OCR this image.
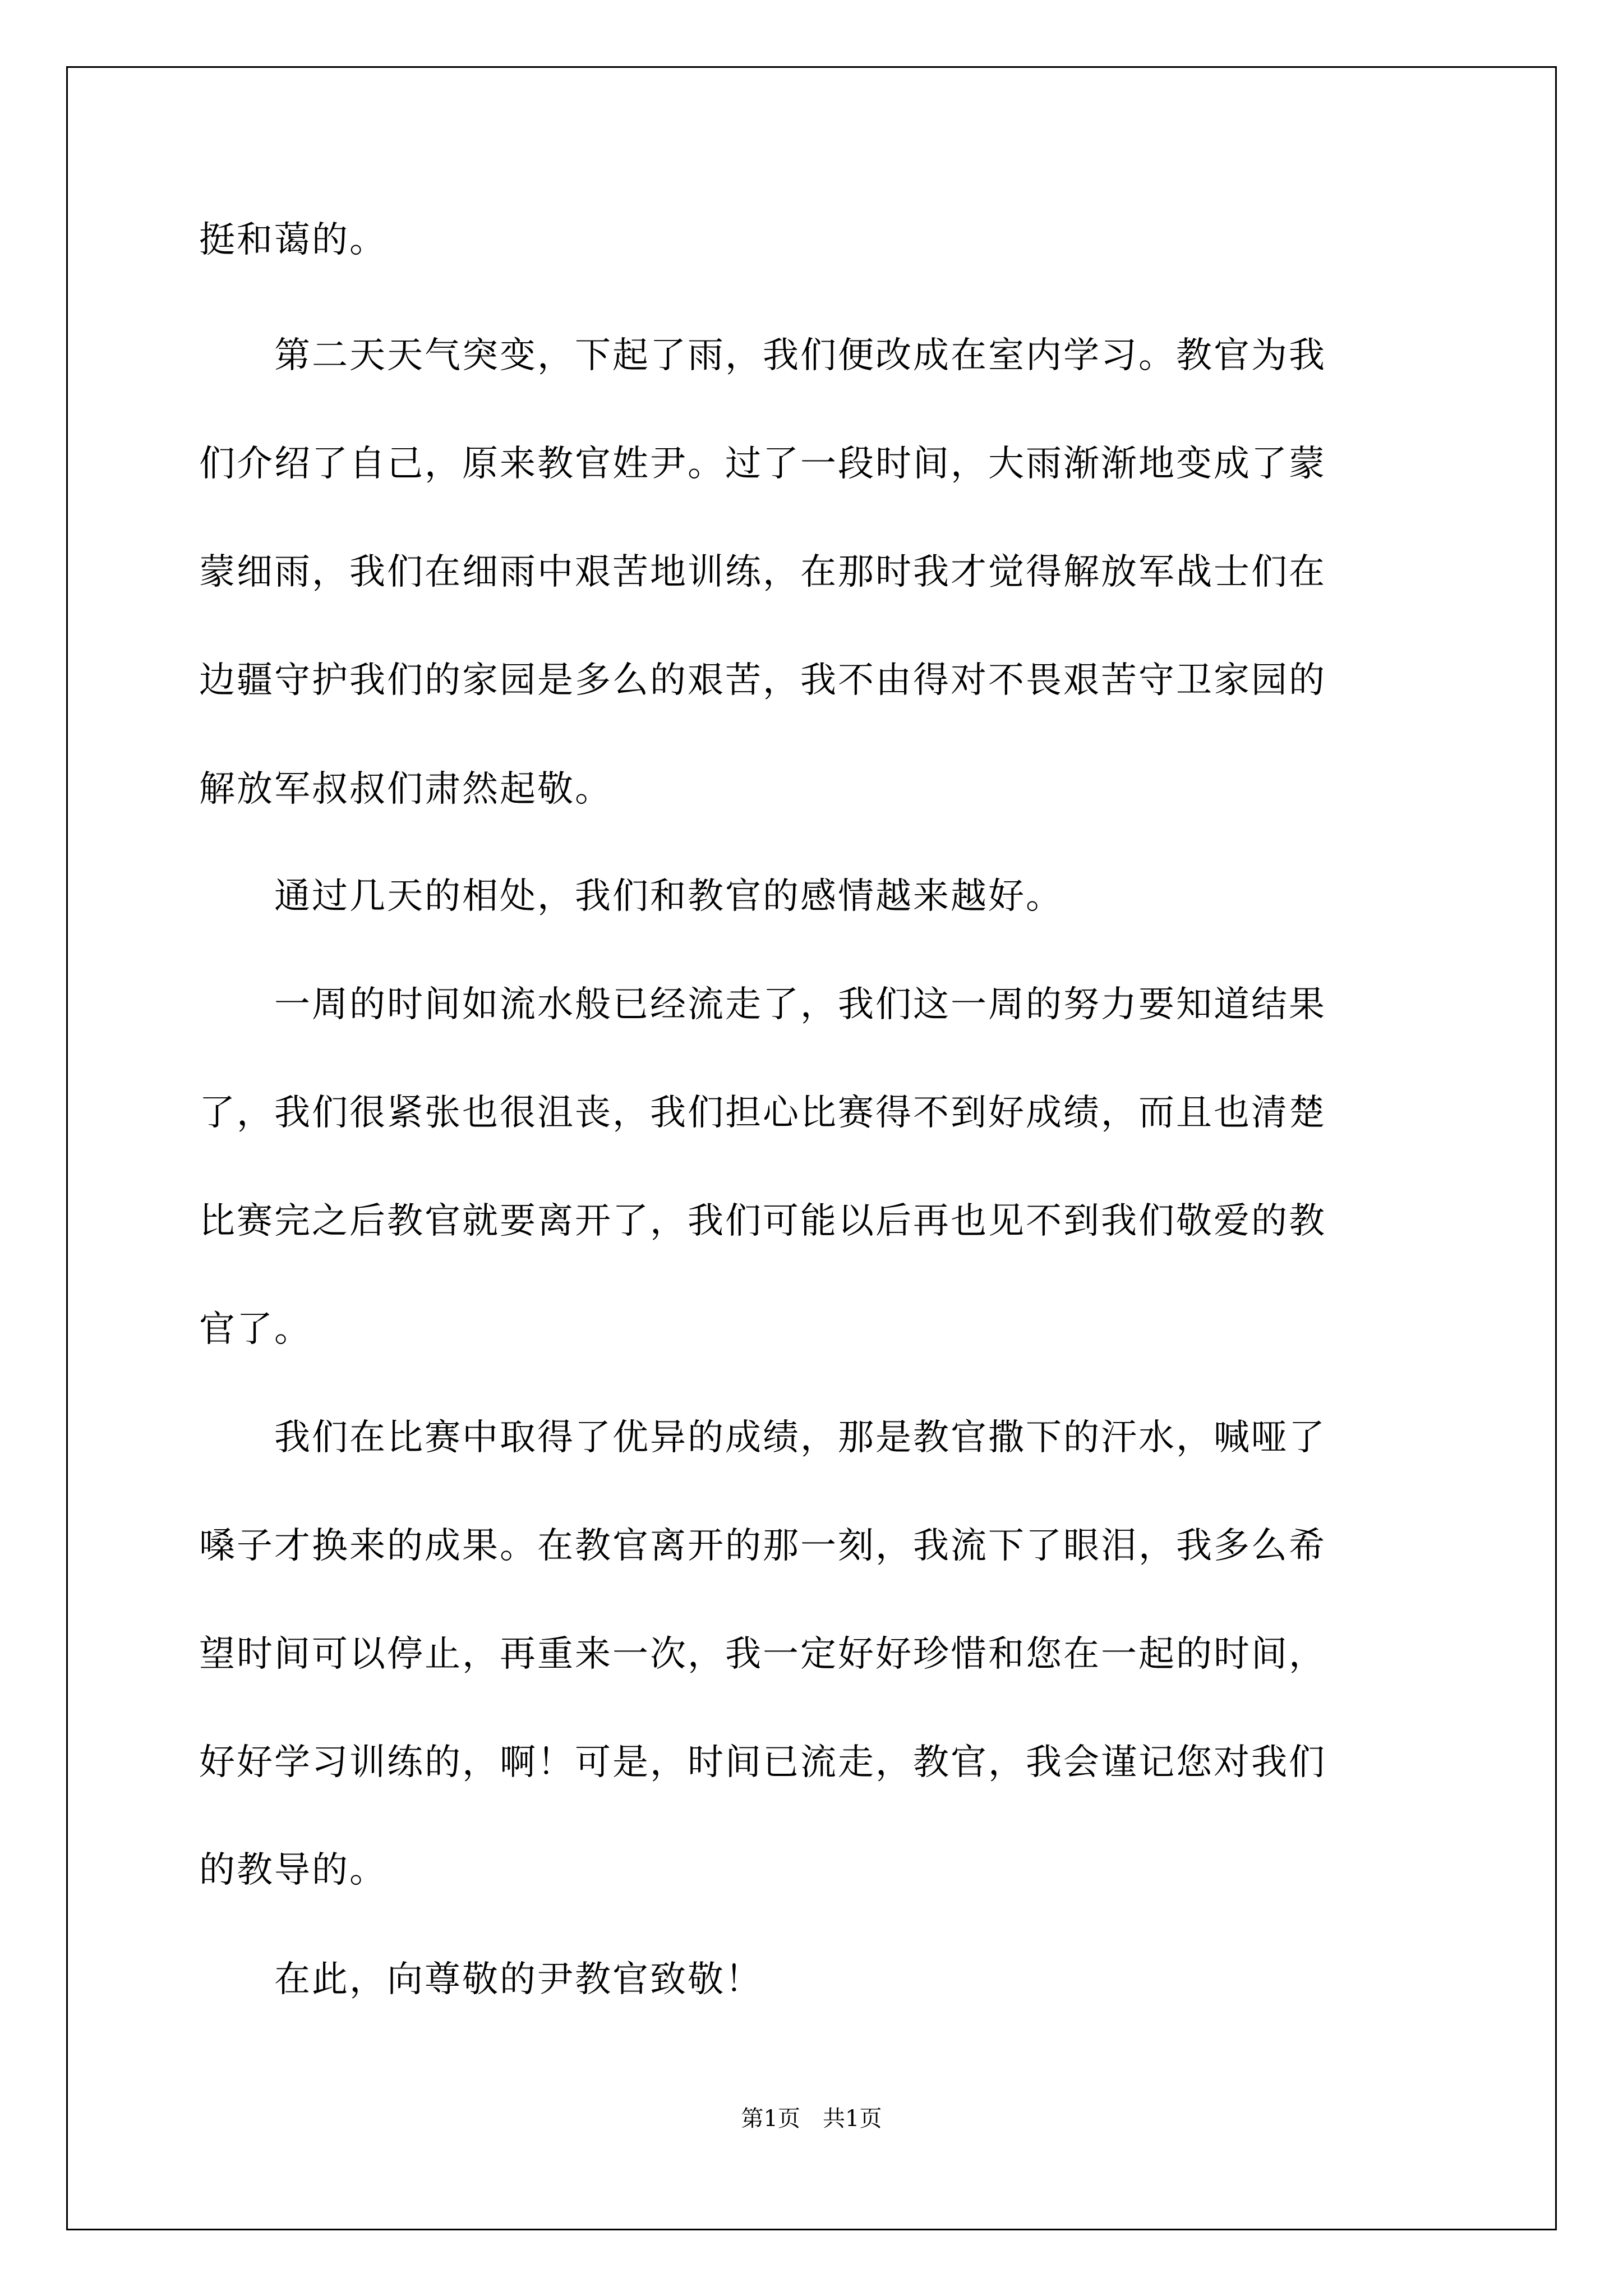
挺和蔼的。
　　第二天天气突变，下起了雨，我们便改成在室内学习。教官为我
们介绍了自己，原来教官姓尹。过了一段时间，大雨渐渐地变成了蒙
蒙细雨，我们在细雨中艰苦地训练，在那时我才觉得解放军战士们在
边疆守护我们的家园是多么的艰苦，我不由得对不畏艰苦守卫家园的
解放军叔叔们肃然起敬。
　　通过几天的相处，我们和教官的感情越来越好。
　　一周的时间如流水般已经流走了，我们这一周的努力要知道结果
了，我们很紧张也很沮丧，我们担心比赛得不到好成绩，而且也清楚
比赛完之后教官就要离开了，我们可能以后再也见不到我们敬爱的教
官了。
　　我们在比赛中取得了优异的成绩，那是教官撒下的汗水，喊哑了
嗓子才换来的成果。在教官离开的那一刻，我流下了眼泪，我多么希
望时间可以停止，再重来一次，我一定好好珍惜和您在一起的时间，
好好学习训练的，啊！可是，时间已流走，教官，我会谨记您对我们
的教导的。
　　在此，向尊敬的尹教官致敬！
第1页　共1页
